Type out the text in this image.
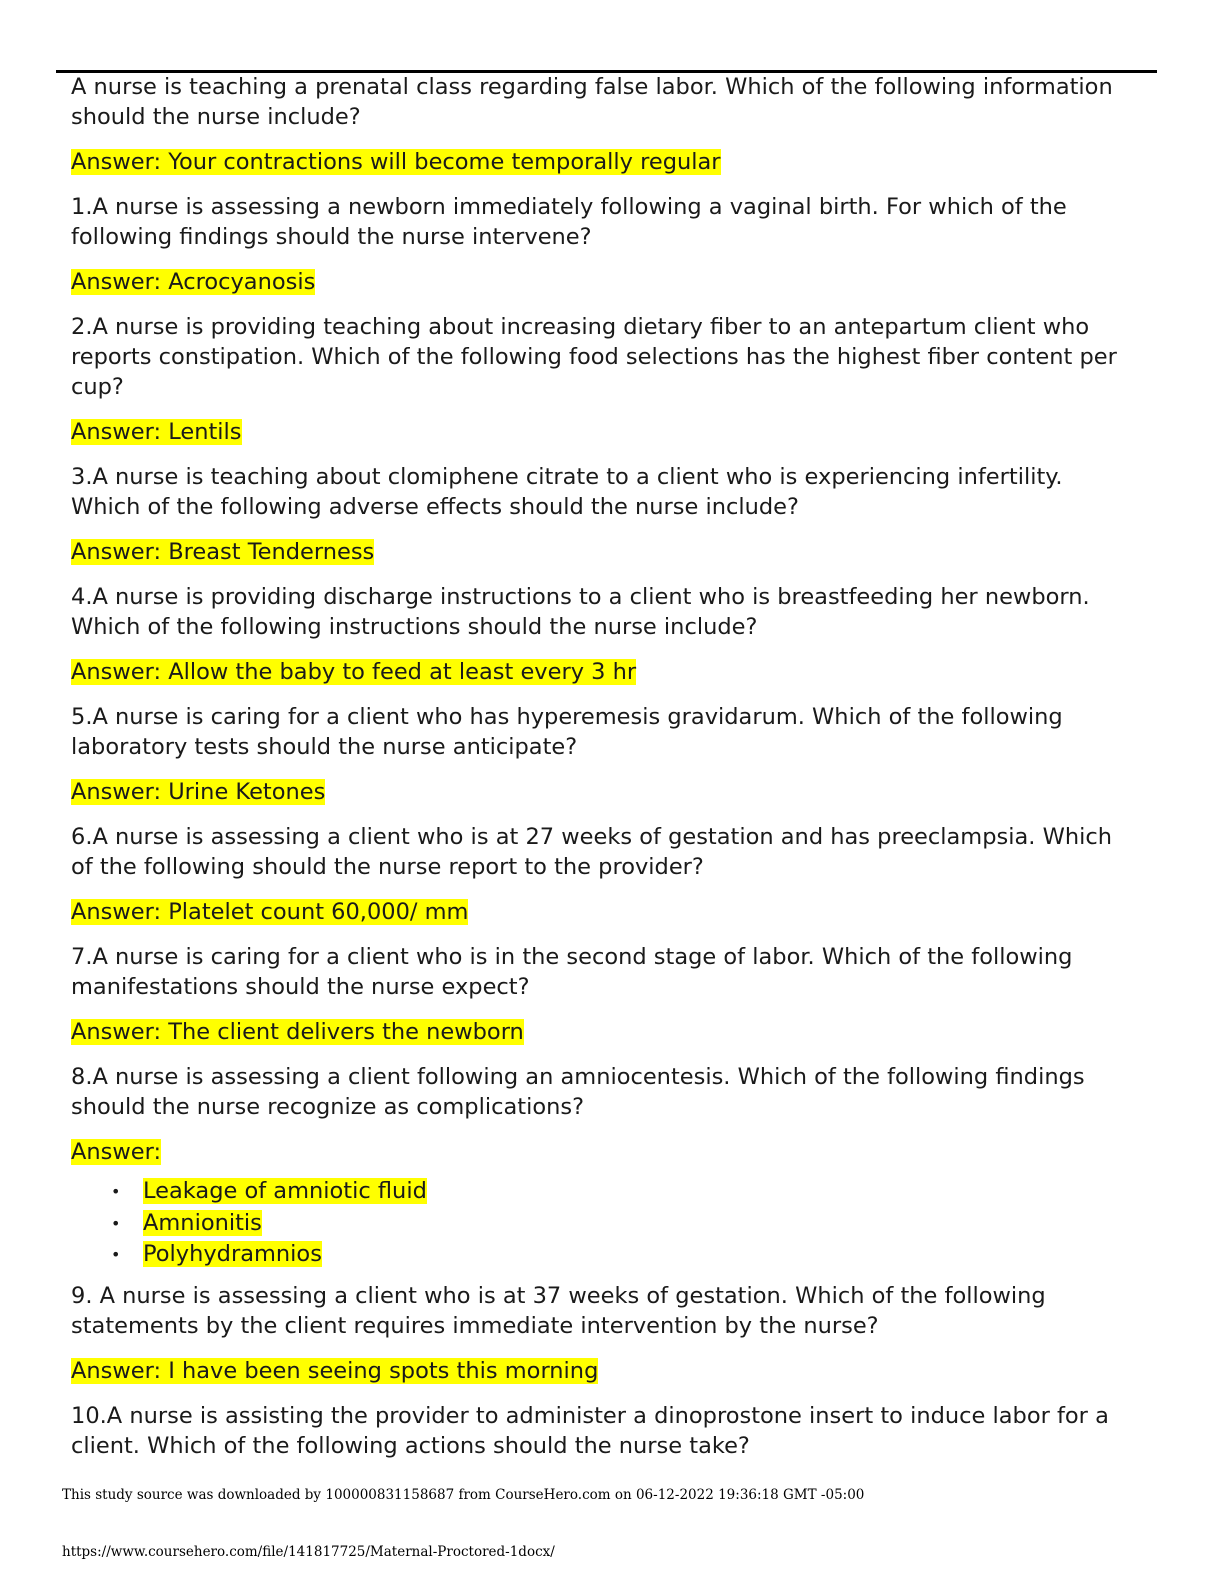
A nurse is teaching a prenatal class regarding false labor. Which of the following information should the nurse include?

Answer: Your contractions will become temporally regular

1.A nurse is assessing a newborn immediately following a vaginal birth. For which of the following findings should the nurse intervene?

Answer: Acrocyanosis

2.A nurse is providing teaching about increasing dietary fiber to an antepartum client who reports constipation. Which of the following food selections has the highest fiber content per cup?

Answer: Lentils

3.A nurse is teaching about clomiphene citrate to a client who is experiencing infertility. Which of the following adverse effects should the nurse include?

Answer: Breast Tenderness

4.A nurse is providing discharge instructions to a client who is breastfeeding her newborn. Which of the following instructions should the nurse include?

Answer: Allow the baby to feed at least every 3 hr

5.A nurse is caring for a client who has hyperemesis gravidarum. Which of the following laboratory tests should the nurse anticipate?

Answer: Urine Ketones

6.A nurse is assessing a client who is at 27 weeks of gestation and has preeclampsia. Which of the following should the nurse report to the provider?

Answer: Platelet count 60,000/ mm

7.A nurse is caring for a client who is in the second stage of labor. Which of the following manifestations should the nurse expect?

Answer: The client delivers the newborn

8.A nurse is assessing a client following an amniocentesis. Which of the following findings should the nurse recognize as complications?

Answer:

• Leakage of amniotic fluid
• Amnionitis
• Polyhydramnios

9. A nurse is assessing a client who is at 37 weeks of gestation. Which of the following statements by the client requires immediate intervention by the nurse?

Answer: I have been seeing spots this morning

10.A nurse is assisting the provider to administer a dinoprostone insert to induce labor for a client. Which of the following actions should the nurse take?

This study source was downloaded by 100000831158687 from CourseHero.com on 06-12-2022 19:36:18 GMT -05:00
https://www.coursehero.com/file/141817725/Maternal-Proctored-1docx/
